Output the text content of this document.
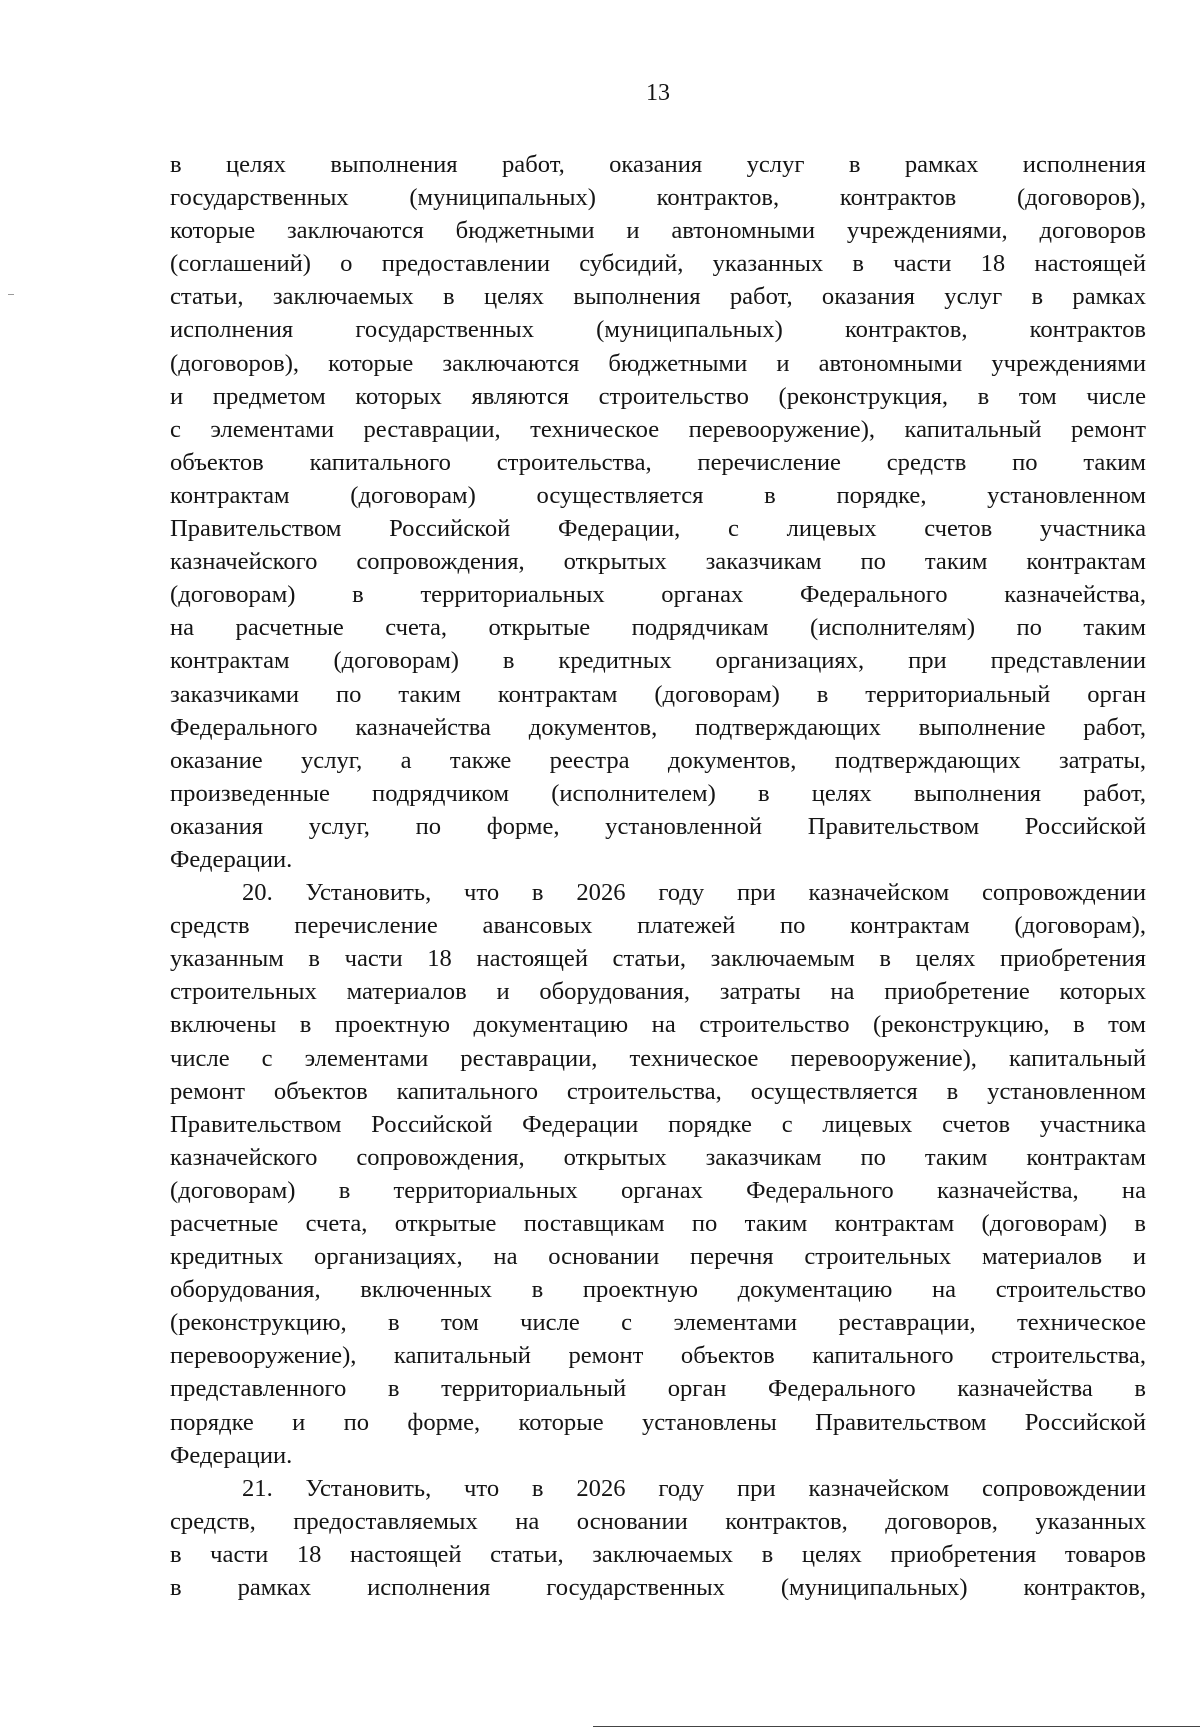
13
в целях выполнения работ, оказания услуг в рамках исполнения
государственных (муниципальных) контрактов, контрактов (договоров),
которые заключаются бюджетными и автономными учреждениями, договоров
(соглашений) о предоставлении субсидий, указанных в части 18 настоящей
статьи, заключаемых в целях выполнения работ, оказания услуг в рамках
исполнения государственных (муниципальных) контрактов, контрактов
(договоров), которые заключаются бюджетными и автономными учреждениями
и предметом которых являются строительство (реконструкция, в том числе
с элементами реставрации, техническое перевооружение), капитальный ремонт
объектов капитального строительства, перечисление средств по таким
контрактам (договорам) осуществляется в порядке, установленном
Правительством Российской Федерации, с лицевых счетов участника
казначейского сопровождения, открытых заказчикам по таким контрактам
(договорам) в территориальных органах Федерального казначейства,
на расчетные счета, открытые подрядчикам (исполнителям) по таким
контрактам (договорам) в кредитных организациях, при представлении
заказчиками по таким контрактам (договорам) в территориальный орган
Федерального казначейства документов, подтверждающих выполнение работ,
оказание услуг, а также реестра документов, подтверждающих затраты,
произведенные подрядчиком (исполнителем) в целях выполнения работ,
оказания услуг, по форме, установленной Правительством Российской
Федерации.
20. Установить, что в 2026 году при казначейском сопровождении
средств перечисление авансовых платежей по контрактам (договорам),
указанным в части 18 настоящей статьи, заключаемым в целях приобретения
строительных материалов и оборудования, затраты на приобретение которых
включены в проектную документацию на строительство (реконструкцию, в том
числе с элементами реставрации, техническое перевооружение), капитальный
ремонт объектов капитального строительства, осуществляется в установленном
Правительством Российской Федерации порядке с лицевых счетов участника
казначейского сопровождения, открытых заказчикам по таким контрактам
(договорам) в территориальных органах Федерального казначейства, на
расчетные счета, открытые поставщикам по таким контрактам (договорам) в
кредитных организациях, на основании перечня строительных материалов и
оборудования, включенных в проектную документацию на строительство
(реконструкцию, в том числе с элементами реставрации, техническое
перевооружение), капитальный ремонт объектов капитального строительства,
представленного в территориальный орган Федерального казначейства в
порядке и по форме, которые установлены Правительством Российской
Федерации.
21. Установить, что в 2026 году при казначейском сопровождении
средств, предоставляемых на основании контрактов, договоров, указанных
в части 18 настоящей статьи, заключаемых в целях приобретения товаров
в рамках исполнения государственных (муниципальных) контрактов,
